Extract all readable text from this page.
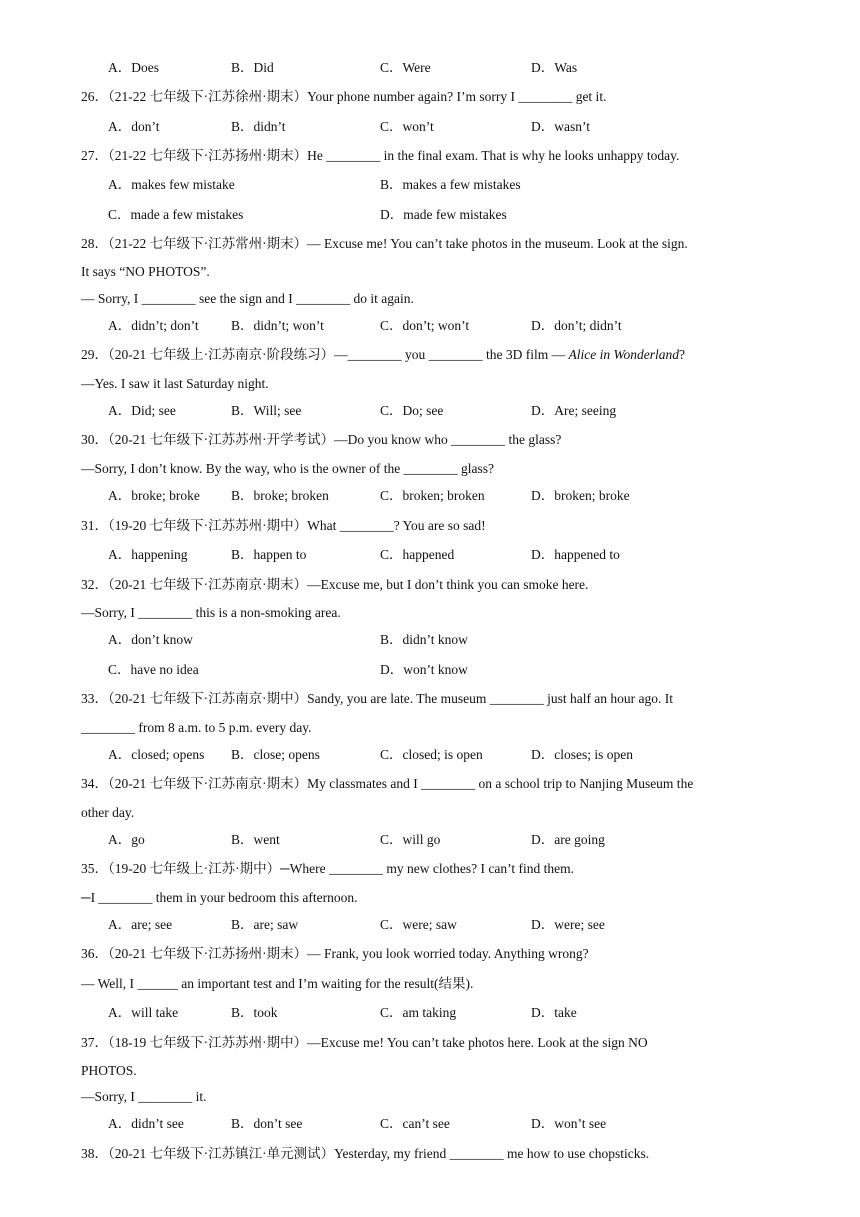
A．Does	B．Did	C．Were	D．Was
26．（21-22 七年级下·江苏徐州·期末）Your phone number again? I’m sorry I ________ get it.
A．don’t	B．didn’t	C．won’t	D．wasn’t
27．（21-22 七年级下·江苏扬州·期末）He ________ in the final exam. That is why he looks unhappy today.
A．makes few mistake	B．makes a few mistakes
C．made a few mistakes	D．made few mistakes
28．（21-22 七年级下·江苏常州·期末）— Excuse me! You can’t take photos in the museum. Look at the sign.
It says “NO PHOTOS”.
— Sorry, I ________ see the sign and I ________ do it again.
A．didn’t; don’t B．didn’t; won’t	C．don’t; won’t	D．don’t; didn’t
29．（20-21 七年级上·江苏南京·阶段练习）—________ you ________ the 3D film — Alice in Wonderland?
—Yes. I saw it last Saturday night.
A．Did; see	B．Will; see	C．Do; see	D．Are; seeing
30．（20-21 七年级下·江苏苏州·开学考试）—Do you know who ________ the glass?
—Sorry, I don’t know. By the way, who is the owner of the ________ glass?
A．broke; broke B．broke; broken	C．broken; broken	D．broken; broke
31．（19-20 七年级下·江苏苏州·期中）What ________? You are so sad!
A．happening	B．happen to	C．happened	D．happened to
32．（20-21 七年级下·江苏南京·期末）—Excuse me, but I don’t think you can smoke here.
—Sorry, I ________ this is a non-smoking area.
A．don’t know	B．didn’t know
C．have no idea	D．won’t know
33．（20-21 七年级下·江苏南京·期中）Sandy, you are late. The museum ________ just half an hour ago. It
________ from 8 a.m. to 5 p.m. every day.
A．closed; opens B．close; opens	C．closed; is open	D．closes; is open
34．（20-21 七年级下·江苏南京·期末）My classmates and I ________ on a school trip to Nanjing Museum the
other day.
A．go	B．went	C．will go	D．are going
35．（19-20 七年级上·江苏·期中）─Where ________ my new clothes? I can’t find them.
─I ________ them in your bedroom this afternoon.
A．are; see	B．are; saw	C．were; saw	D．were; see
36．（20-21 七年级下·江苏扬州·期末）— Frank, you look worried today. Anything wrong?
— Well, I ______ an important test and I’m waiting for the result(结果).
A．will take	B．took	C．am taking	D．take
37．（18-19 七年级下·江苏苏州·期中）—Excuse me! You can’t take photos here. Look at the sign NO
PHOTOS.
—Sorry, I ________ it.
A．didn’t see	B．don’t see	C．can’t see	D．won’t see
38．（20-21 七年级下·江苏镇江·单元测试）Yesterday, my friend ________ me how to use chopsticks.
